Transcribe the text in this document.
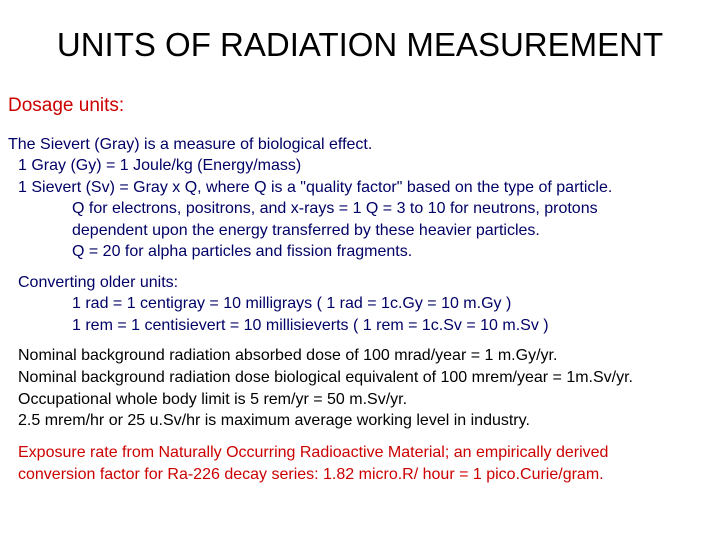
UNITS OF RADIATION MEASUREMENT
Dosage units:
The Sievert (Gray) is a measure of biological effect.
1 Gray (Gy) = 1 Joule/kg (Energy/mass)
1 Sievert (Sv) = Gray x Q, where Q is a "quality factor" based on the type of particle.
Q for electrons, positrons, and x-rays = 1 Q = 3 to 10 for neutrons, protons
dependent upon the energy transferred by these heavier particles.
Q = 20 for alpha particles and fission fragments.
Converting older units:
1 rad = 1 centigray = 10 milligrays ( 1 rad = 1c.Gy = 10 m.Gy )
1 rem = 1 centisievert = 10 millisieverts ( 1 rem = 1c.Sv = 10 m.Sv )
Nominal background radiation absorbed dose of 100 mrad/year = 1 m.Gy/yr.
Nominal background radiation dose biological equivalent of 100 mrem/year = 1m.Sv/yr.
Occupational whole body limit is 5 rem/yr = 50 m.Sv/yr.
2.5 mrem/hr or 25 u.Sv/hr is maximum average working level in industry.
Exposure rate from Naturally Occurring Radioactive Material; an empirically derived
conversion factor for Ra-226 decay series: 1.82 micro.R/ hour = 1 pico.Curie/gram.
